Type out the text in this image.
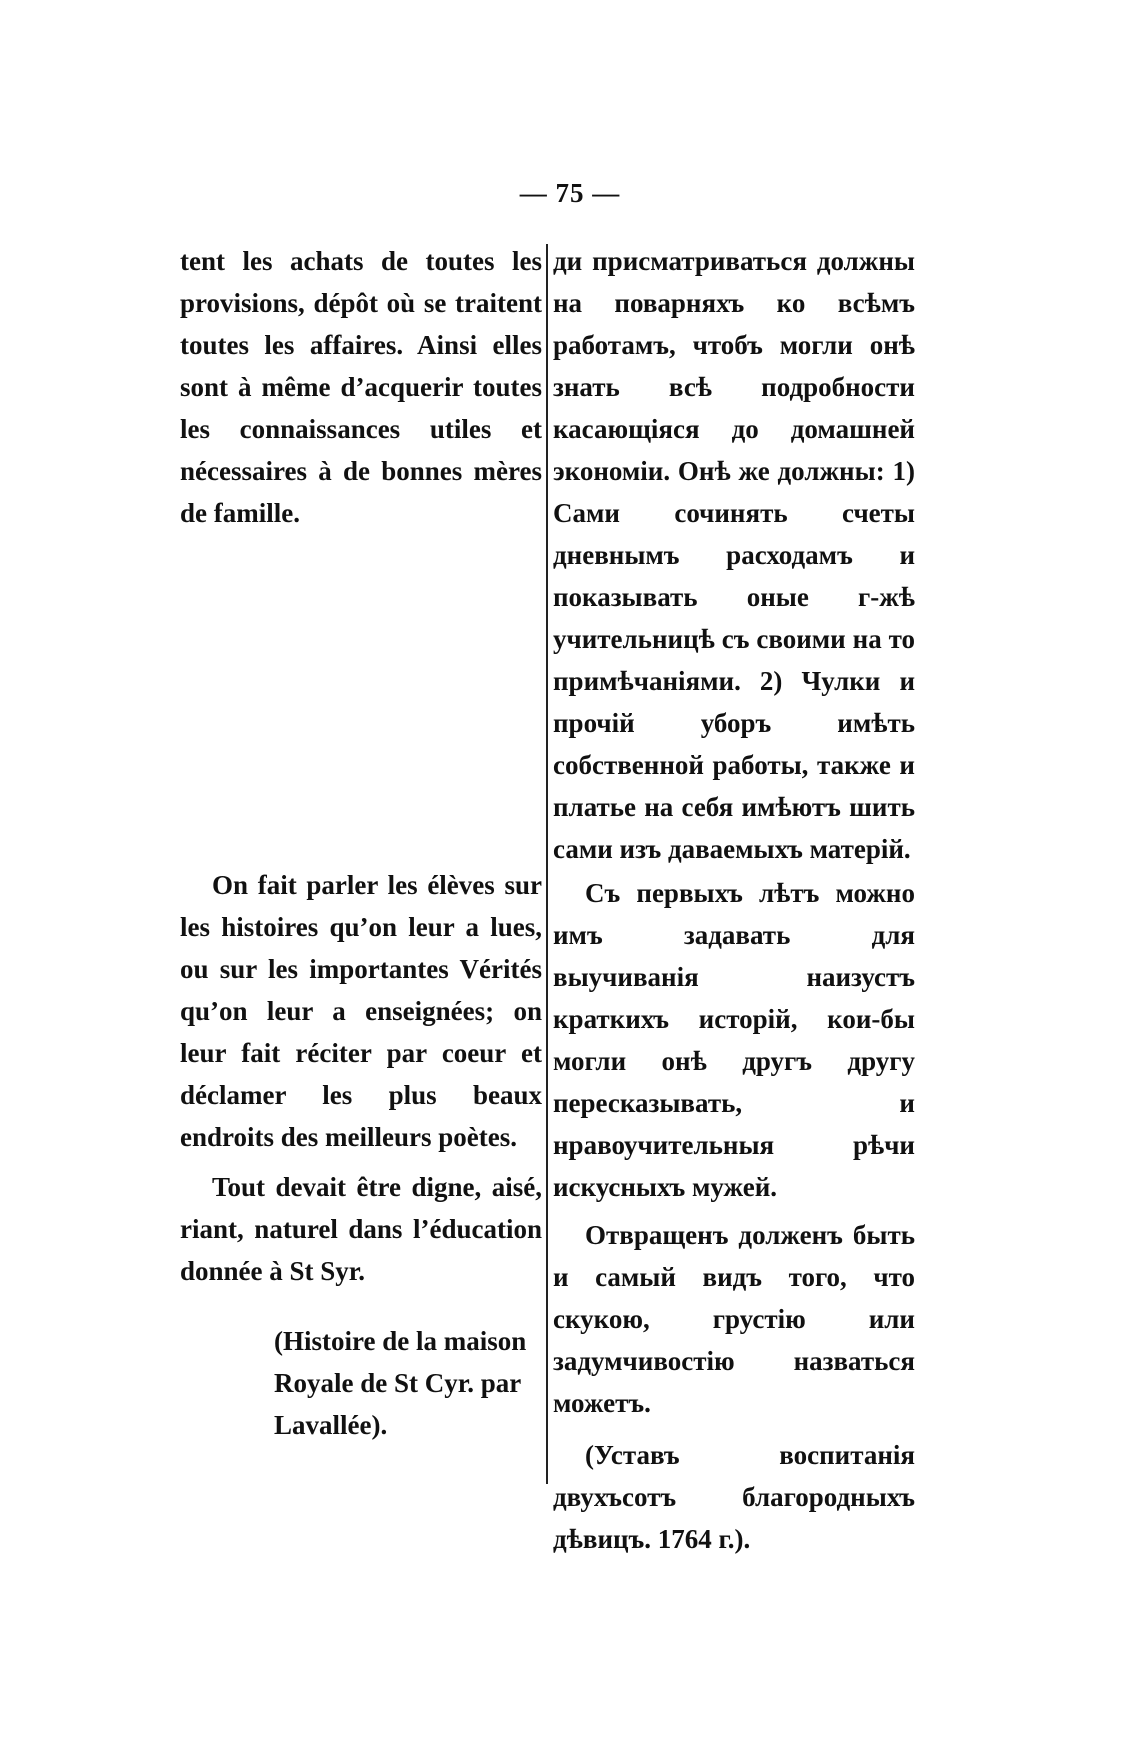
— 75 —

tent les achats de toutes les provisions, dépôt où se traitent toutes les affaires. Ainsi elles sont à même d’acquerir toutes les connaissances utiles et nécessaires à de bonnes mères de famille.

On fait parler les élèves sur les histoires qu’on leur a lues, ou sur les importantes Vérités qu’on leur a enseignées; on leur fait réciter par coeur et déclamer les plus beaux endroits des meilleurs poètes.

Tout devait être digne, aisé, riant, naturel dans l’éducation donnée à St Syr.

(Histoire de la maison Royale de St Cyr. par Lavallée).

ди присматриваться должны на поварняхъ ко всѣмъ работамъ, чтобъ могли онѣ знать всѣ подробности касающіяся до домашней экономіи. Онѣ же должны: 1) Сами сочинять счеты дневнымъ расходамъ и показывать оные г-жѣ учительницѣ съ своими на то примѣчаніями. 2) Чулки и прочій уборъ имѣть собственной работы, также и платье на себя имѣютъ шить сами изъ даваемыхъ матерій.

Съ первыхъ лѣтъ можно имъ задавать для выучиванія наизустъ краткихъ исторій, кои-бы могли онѣ другъ другу пересказывать, и нравоучительныя рѣчи искусныхъ мужей.

Отвращенъ долженъ быть и самый видъ того, что скукою, грустію или задумчивостію назваться можетъ.

(Уставъ воспитанія двухъсотъ благородныхъ дѣвицъ. 1764 г.).
